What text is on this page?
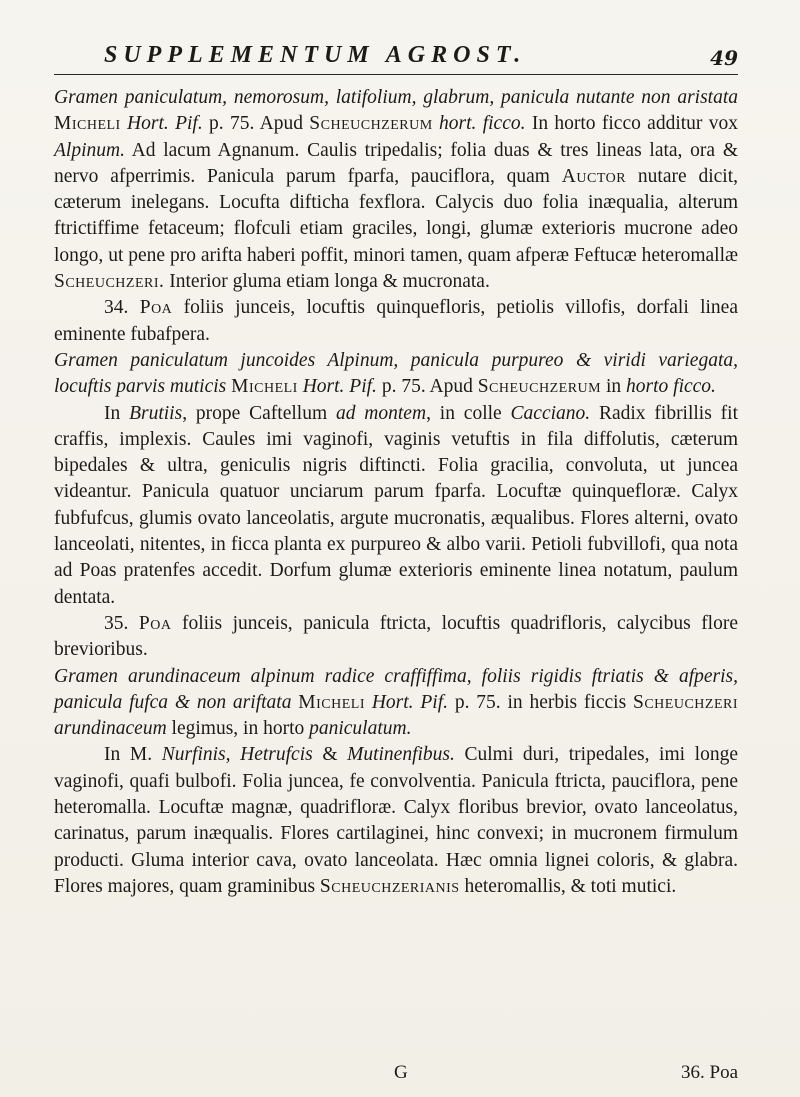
SUPPLEMENTUM AGROST.	49

Gramen paniculatum, nemorosum, latifolium, glabrum, panicula nutante non aristata Micheli Hort. Pif. p. 75. Apud Scheuchzerum hort. ficco. In horto ficco additur vox Alpinum. Ad lacum Agnanum. Caulis tripedalis; folia duas & tres lineas lata, ora & nervo afperrimis. Panicula parum fparfa, pauciflora, quam Auctor nutare dicit, cæterum inelegans. Locufta difticha fexflora. Calycis duo folia inæqualia, alterum ftrictiffime fetaceum; flofculi etiam graciles, longi, glumæ exterioris mucrone adeo longo, ut pene pro arifta haberi poffit, minori tamen, quam afperæ Feftucæ heteromallæ Scheuchzeri. Interior gluma etiam longa & mucronata.

34. Poa foliis junceis, locuftis quinquefloris, petiolis villofis, dorfali linea eminente fubafpera.

Gramen paniculatum juncoides Alpinum, panicula purpureo & viridi variegata, locuftis parvis muticis Micheli Hort. Pif. p. 75. Apud Scheuchzerum in horto ficco.

In Brutiis, prope Caftellum ad montem, in colle Cacciano. Radix fibrillis fit craffis, implexis. Caules imi vaginofi, vaginis vetuftis in fila diffolutis, cæterum bipedales & ultra, geniculis nigris diftincti. Folia gracilia, convoluta, ut juncea videantur. Panicula quatuor unciarum parum fparfa. Locuftæ quinquefloræ. Calyx fubfufcus, glumis ovato lanceolatis, argute mucronatis, æqualibus. Flores alterni, ovato lanceolati, nitentes, in ficca planta ex purpureo & albo varii. Petioli fubvillofi, qua nota ad Poas pratenfes accedit. Dorfum glumæ exterioris eminente linea notatum, paulum dentata.

35. Poa foliis junceis, panicula ftricta, locuftis quadrifloris, calycibus flore brevioribus.

Gramen arundinaceum alpinum radice craffiffima, foliis rigidis ftriatis & afperis, panicula fufca & non ariftata Micheli Hort. Pif. p. 75. in herbis ficcis Scheuchzeri arundinaceum legimus, in horto paniculatum.

In M. Nurfinis, Hetrufcis & Mutinenfibus. Culmi duri, tripedales, imi longe vaginofi, quafi bulbofi. Folia juncea, fe convolventia. Panicula ftricta, pauciflora, pene heteromalla. Locuftæ magnæ, quadrifloræ. Calyx floribus brevior, ovato lanceolatus, carinatus, parum inæqualis. Flores cartilaginei, hinc convexi; in mucronem firmulum producti. Gluma interior cava, ovato lanceolata. Hæc omnia lignei coloris, & glabra. Flores majores, quam graminibus Scheuchzerianis heteromallis, & toti mutici.

G	36. Poa
